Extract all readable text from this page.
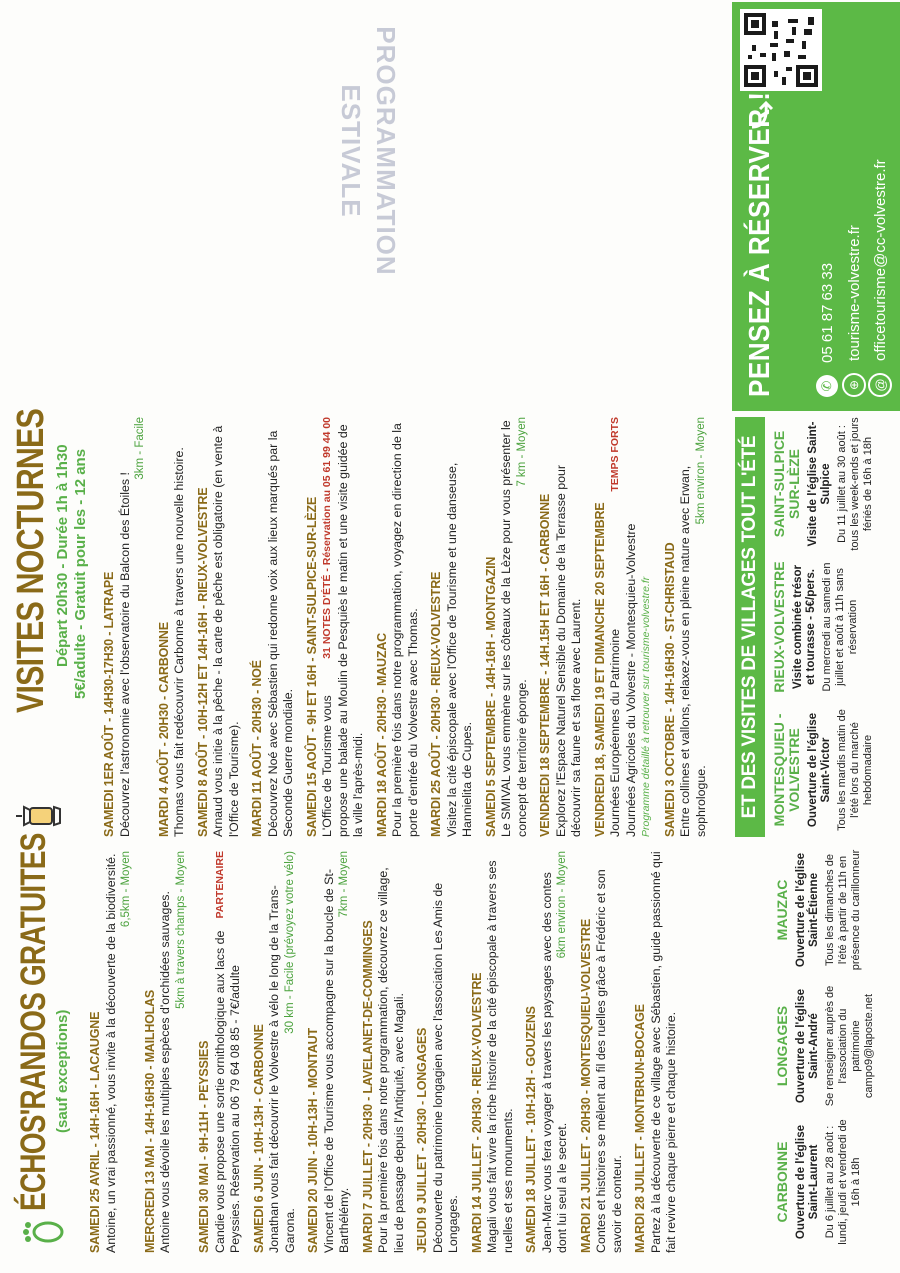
ÉCHOS'RANDOS GRATUITES (sauf exceptions) SAMEDI 25 AVRIL - 14H-16H - LACAUGNE Antoine, un vrai passionné, vous invite à la découverte de la biodiversité. 6,5km - Moyen
MERCREDI 13 MAI - 14H-16H30 - MAILHOLAS Antoine vous dévoile les multiples espèces d'orchidées sauvages. 5km à travers champs - Moyen
SAMEDI 30 MAI - 9H-11H - PEYSSIES
PARTENAIRE
Candie vous propose une sortie ornithologique aux lacs de Peyssies. Réservation au 06 79 64 08 85 - 7€/adulte SAMEDI 6 JUIN - 10H-13H - CARBONNE Jonathan vous fait découvrir le Volvestre à vélo le long de la Trans-Garona.
30 km - Facile (prévoyez votre vélo)
SAMEDI 20 JUIN - 10H-13H - MONTAUT Vincent de l'Office de Tourisme vous accompagne sur la boucle de St-Barthélémy.
7km - Moyen
MARDI 7 JUILLET - 20H30 - LAVELANET-DE-COMMINGES Pour la première fois dans notre programmation, découvrez ce village, lieu de passage depuis l'Antiquité, avec Magali. JEUDI 9 JUILLET - 20H30 - LONGAGES Découverte du patrimoine longagien avec l'association Les Amis de Longages. MARDI 14 JUILLET - 20H30 - RIEUX-VOLVESTRE Magali vous fait vivre la riche histoire de la cité épiscopale à travers ses ruelles et ses monuments. SAMEDI 18 JUILLET - 10H-12H - GOUZENS Jean-Marc vous fera voyager à travers les paysages avec des contes dont lui seul a le secret.
6km environ - Moyen
MARDI 21 JUILLET - 20H30 - MONTESQUIEU-VOLVESTRE Contes et histoires se mêlent au fil des ruelles grâce à Frédéric et son savoir de conteur. MARDI 28 JUILLET - MONTBRUN-BOCAGE Partez à la découverte de ce village avec Sébastien, guide passionné qui fait revivre chaque pierre et chaque histoire.	CARBONNE Ouverture de l'église Saint-Laurent Du 6 juillet au 28 août : lundi, jeudi et vendredi de 16h à 18h
LONGAGES Ouverture de l'église Saint-André Se renseigner auprès de l'association du patrimoine campo9@laposte.net
MAUZAC Ouverture de l'église Saint-Étienne Tous les dimanches de l'été à partir de 11h en présence du carillonneur
VISITES NOCTURNES Départ 20h30 - Durée 1h à 1h30 5€/adulte - Gratuit pour les - 12 ans SAMEDI 1ER AOÛT - 14H30-17H30 - LATRAPE Découvrez l'astronomie avec l'observatoire du Balcon des Étoiles !
3km - Facile
MARDI 4 AOÛT - 20H30 - CARBONNE Thomas vous fait redécouvrir Carbonne à travers une nouvelle histoire. SAMEDI 8 AOÛT - 10H-12H ET 14H-16H - RIEUX-VOLVESTRE Arnaud vous initie à la pêche - la carte de pêche est obligatoire (en vente à l'Office de Tourisme). MARDI 11 AOÛT - 20H30 - NOÉ Découvrez Noé avec Sébastien qui redonne voix aux lieux marqués par la Seconde Guerre mondiale. SAMEDI 15 AOÛT - 9H ET 16H - SAINT-SULPICE-SUR-LÈZE 31 NOTES D'ÉTÉ - Réservation au 05 61 99 44 00
L'Office de Tourisme vous propose une balade au Moulin de Pesquiès le matin et une visite guidée de la ville l'après-midi. MARDI 18 AOÛT - 20H30 - MAUZAC Pour la première fois dans notre programmation, voyagez en direction de la porte d'entrée du Volvestre avec Thomas. MARDI 25 AOÛT - 20H30 - RIEUX-VOLVESTRE Visitez la cité épiscopale avec l'Office de Tourisme et une danseuse, Hannielita de Cupes. SAMEDI 5 SEPTEMBRE - 14H-16H - MONTGAZIN Le SMIVAL vous emmène sur les côteaux de la Lèze pour vous présenter le concept de territoire éponge.
7 km - Moyen
VENDREDI 18 SEPTEMBRE - 14H.15H ET 16H - CARBONNE Explorez l'Espace Naturel Sensible du Domaine de la Terrasse pour découvrir sa faune et sa flore avec Laurent. VENDREDI 18, SAMEDI 19 ET DIMANCHE 20 SEPTEMBRE
TEMPS FORTS
Journées Européennes du Patrimoine
Journées Agricoles du Volvestre - Montesquieu-Volvestre Programme détaillé à retrouver sur tourisme-volvestre.fr SAMEDI 3 OCTOBRE - 14H-16H30 - ST-CHRISTAUD Entre collines et vallons, relaxez-vous en pleine nature avec Erwan, sophrologue.
5km environ - Moyen ET DES VISITES DE VILLAGES TOUT L'ÉTÉ MONTESQUIEU - VOLVESTRE Ouverture de l'église Saint-Victor Tous les mardis matin de l'été lors du marché hebdomadaire
RIEUX-VOLVESTRE Visite combinée trésor et tourasse - 5€/pers. Du mercredi au samedi en juillet et août à 11h sans réservation
SAINT-SULPICE SUR-LÈZE Visite de l'église Saint-Sulpice Du 11 juillet au 30 août : tous les week-ends et jours fériés de 16h à 18h
PROGRAMMATION
ESTIVALE	PENSEZ À RÉSERVER !	✆
05 61 87 63 33
⊕
tourisme-volvestre.fr
@
officetourisme@cc-volvestre.fr
